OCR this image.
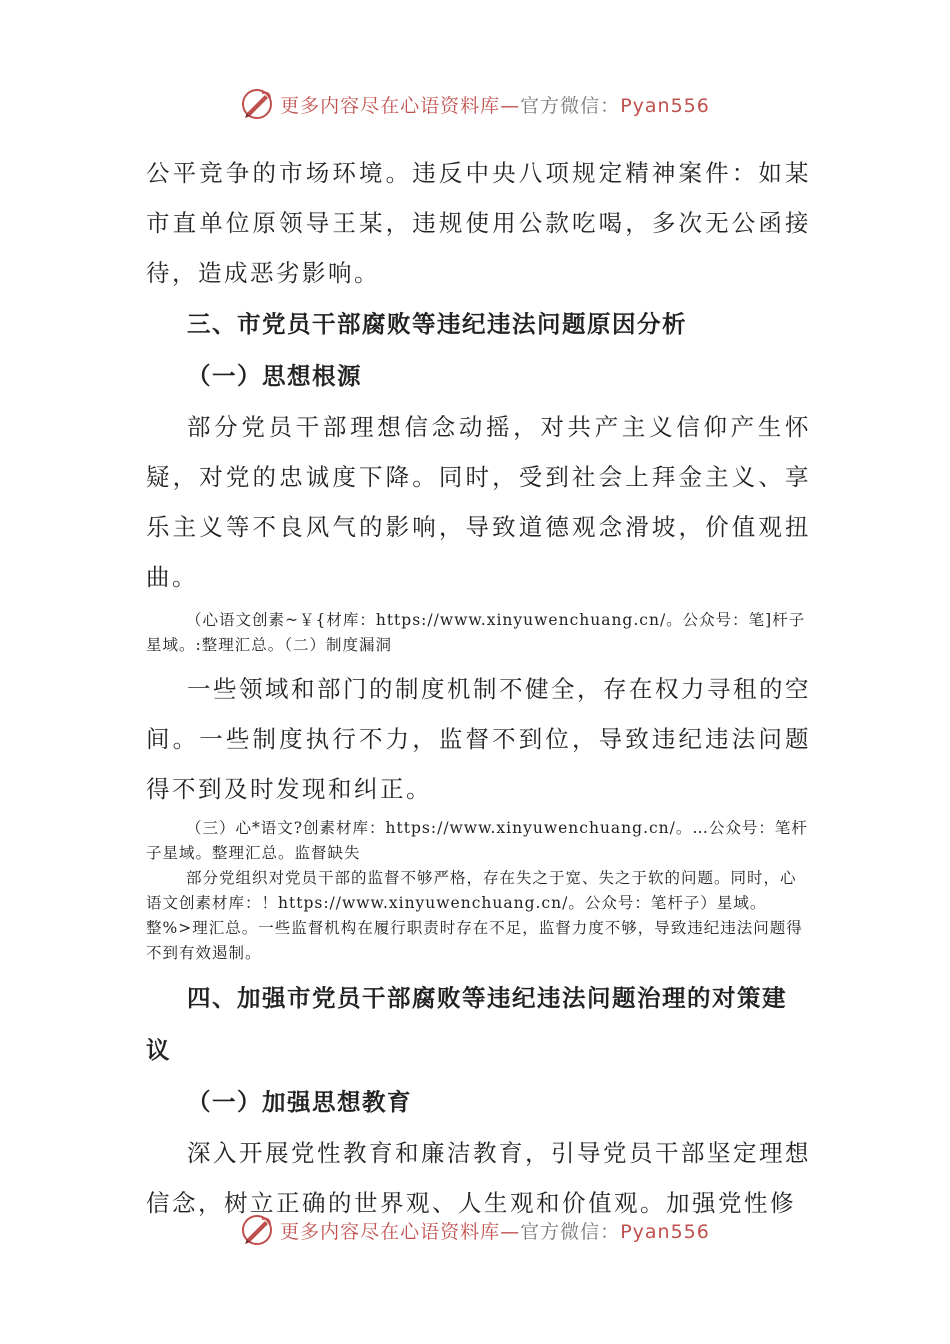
更多内容尽在心语资料库—官方微信：Pyan556

公平竞争的市场环境。违反中央八项规定精神案件：如某市直单位原领导王某，违规使用公款吃喝，多次无公函接待，造成恶劣影响。

三、市党员干部腐败等违纪违法问题原因分析

（一）思想根源

部分党员干部理想信念动摇，对共产主义信仰产生怀疑，对党的忠诚度下降。同时，受到社会上拜金主义、享乐主义等不良风气的影响，导致道德观念滑坡，价值观扭曲。

（心语文创素~￥{材库：https://www.xinyuwenchuang.cn/。公众号：笔]杆子星域。:整理汇总。（二）制度漏洞

一些领域和部门的制度机制不健全，存在权力寻租的空间。一些制度执行不力，监督不到位，导致违纪违法问题得不到及时发现和纠正。

（三）心*语文?创素材库：https://www.xinyuwenchuang.cn/。…公众号：笔杆子星域。整理汇总。监督缺失

部分党组织对党员干部的监督不够严格，存在失之于宽、失之于软的问题。同时，心语文创素材库：！https://www.xinyuwenchuang.cn/。公众号：笔杆子）星域。整%>理汇总。一些监督机构在履行职责时存在不足，监督力度不够，导致违纪违法问题得不到有效遏制。

四、加强市党员干部腐败等违纪违法问题治理的对策建议

（一）加强思想教育

深入开展党性教育和廉洁教育，引导党员干部坚定理想信念，树立正确的世界观、人生观和价值观。加强党性修

更多内容尽在心语资料库—官方微信：Pyan556
